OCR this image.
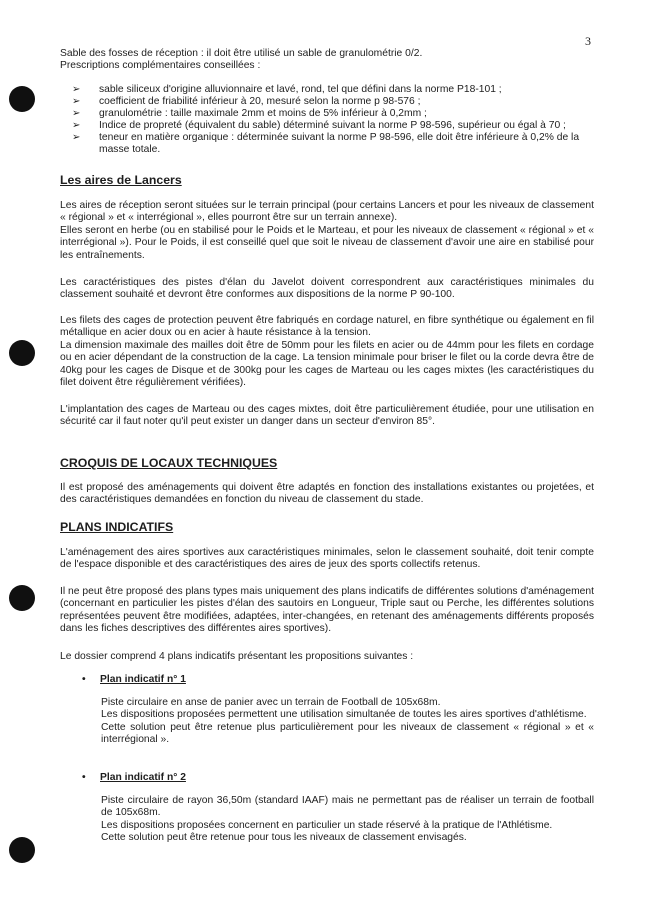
3

Sable des fosses de réception : il doit être utilisé un sable de granulométrie 0/2.

Prescriptions complémentaires conseillées :

➢	sable siliceux d'origine alluvionnaire et lavé, rond, tel que défini dans la norme P18-101 ;
➢	coefficient de friabilité inférieur à 20, mesuré selon la norme p 98-576 ;
➢	granulométrie : taille maximale 2mm et moins de 5% inférieur à 0,2mm ;
➢	Indice de propreté (équivalent du sable) déterminé suivant la norme P 98-596, supérieur ou égal à 70 ;
➢	teneur en matière organique : déterminée suivant la norme P 98-596, elle doit être inférieure à 0,2% de la masse totale.
Les aires de Lancers

Les aires de réception seront situées sur le terrain principal (pour certains Lancers et pour les niveaux de classement « régional » et « interrégional », elles pourront être sur un terrain annexe).

Elles seront en herbe (ou en stabilisé pour le Poids et le Marteau, et pour les niveaux de classement « régional » et « interrégional »). Pour le Poids, il est conseillé quel que soit le niveau de classement d'avoir une aire en stabilisé pour les entraînements.

Les caractéristiques des pistes d'élan du Javelot doivent correspondrent aux caractéristiques minimales du classement souhaité et devront être conformes aux dispositions de la norme P 90-100.

Les filets des cages de protection peuvent être fabriqués en cordage naturel, en fibre synthétique ou également en fil métallique en acier doux ou en acier à haute résistance à la tension.

La dimension maximale des mailles doit être de 50mm pour les filets en acier ou de 44mm pour les filets en cordage ou en acier dépendant de la construction de la cage. La tension minimale pour briser le filet ou la corde devra être de 40kg pour les cages de Disque et de 300kg pour les cages de Marteau ou les cages mixtes (les caractéristiques du filet doivent être régulièrement vérifiées).

L'implantation des cages de Marteau ou des cages mixtes, doit être particulièrement étudiée, pour une utilisation en sécurité car il faut noter qu'il peut exister un danger dans un secteur d'environ 85°.

CROQUIS DE LOCAUX TECHNIQUES

Il est proposé des aménagements qui doivent être adaptés en fonction des installations existantes ou projetées, et des caractéristiques demandées en fonction du niveau de classement du stade.

PLANS INDICATIFS

L'aménagement des aires sportives aux caractéristiques minimales, selon le classement souhaité, doit tenir compte de l'espace disponible et des caractéristiques des aires de jeux des sports collectifs retenus.

Il ne peut être proposé des plans types mais uniquement des plans indicatifs de différentes solutions d'aménagement (concernant en particulier les pistes d'élan des sautoirs en Longueur, Triple saut ou Perche, les différentes solutions représentées peuvent être modifiées, adaptées, inter-changées, en retenant des aménagements différents proposés dans les fiches descriptives des différentes aires sportives).

Le dossier comprend 4 plans indicatifs présentant les propositions suivantes :

• Plan indicatif n° 1

Piste circulaire en anse de panier avec un terrain de Football de 105x68m.

Les dispositions proposées permettent une utilisation simultanée de toutes les aires sportives d'athlétisme.

Cette solution peut être retenue plus particulièrement pour les niveaux de classement « régional » et « interrégional ».

• Plan indicatif n° 2

Piste circulaire de rayon 36,50m (standard IAAF) mais ne permettant pas de réaliser un terrain de football de 105x68m.

Les dispositions proposées concernent en particulier un stade réservé à la pratique de l'Athlétisme.

Cette solution peut être retenue pour tous les niveaux de classement envisagés.
